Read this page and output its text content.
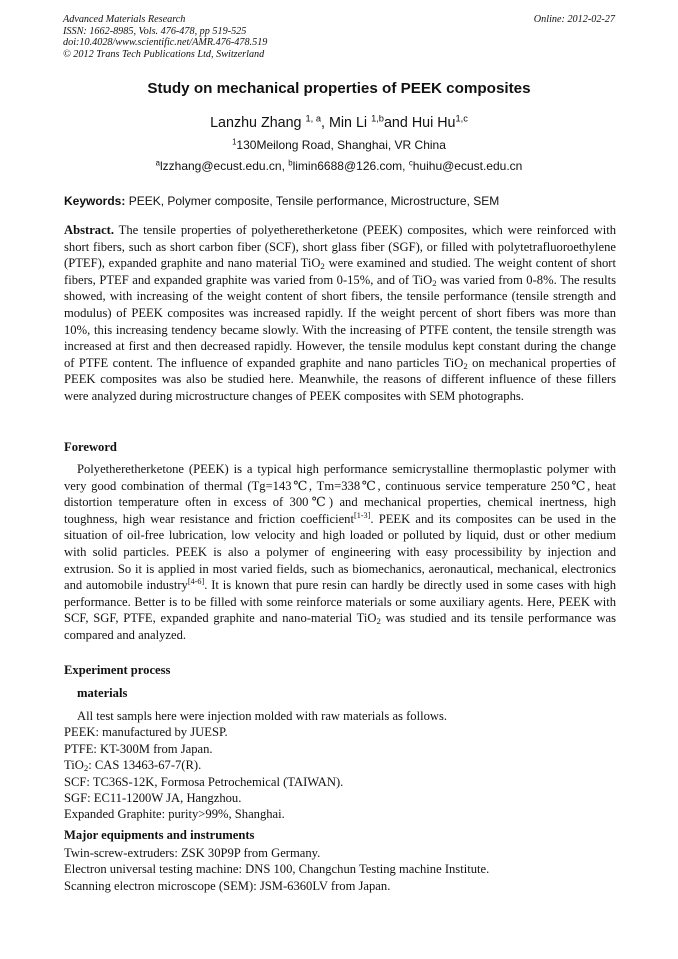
Advanced Materials Research
ISSN: 1662-8985, Vols. 476-478, pp 519-525
doi:10.4028/www.scientific.net/AMR.476-478.519
© 2012 Trans Tech Publications Ltd, Switzerland
Online: 2012-02-27
Study on mechanical properties of PEEK composites
Lanzhu Zhang $^{1, a}$, Min Li $^{1,b}$and Hui Hu$^{1,c}$
$^1$130Meilong Road, Shanghai, VR China
$^a$lzzhang@ecust.edu.cn, $^b$limin6688@126.com, $^c$huihu@ecust.edu.cn
Keywords: PEEK, Polymer composite, Tensile performance, Microstructure, SEM

Abstract. The tensile properties of polyetheretherketone (PEEK) composites, which were reinforced with short fibers, such as short carbon fiber (SCF), short glass fiber (SGF), or filled with polytetrafluoroethylene (PTEF), expanded graphite and nano material TiO$_2$ were examined and studied. The weight content of short fibers, PTEF and expanded graphite was varied from 0-15%, and of TiO$_2$ was varied from 0-8%. The results showed, with increasing of the weight content of short fibers, the tensile performance (tensile strength and modulus) of PEEK composites was increased rapidly. If the weight percent of short fibers was more than 10%, this increasing tendency became slowly. With the increasing of PTFE content, the tensile strength was increased at first and then decreased rapidly. However, the tensile modulus kept constant during the change of PTFE content. The influence of expanded graphite and nano particles TiO$_2$ on mechanical properties of PEEK composites was also be studied here. Meanwhile, the reasons of different influence of these fillers were analyzed during microstructure changes of PEEK composites with SEM photographs.

Foreword

Polyetheretherketone (PEEK) is a typical high performance semicrystalline thermoplastic polymer with very good combination of thermal (Tg=143℃, Tm=338℃, continuous service temperature 250℃, heat distortion temperature often in excess of 300℃) and mechanical properties, chemical inertness, high toughness, high wear resistance and friction coefficient[1-3]. PEEK and its composites can be used in the situation of oil-free lubrication, low velocity and high loaded or polluted by liquid, dust or other medium with solid particles. PEEK is also a polymer of engineering with easy processibility by injection and extrusion. So it is applied in most varied fields, such as biomechanics, aeronautical, mechanical, electronics and automobile industry[4-6]. It is known that pure resin can hardly be directly used in some cases with high performance. Better is to be filled with some reinforce materials or some auxiliary agents. Here, PEEK with SCF, SGF, PTFE, expanded graphite and nano-material TiO$_2$ was studied and its tensile performance was compared and analyzed.

Experiment process
materials
All test sampls here were injection molded with raw materials as follows.
PEEK: manufactured by JUESP.
PTFE: KT-300M from Japan.
TiO$_2$: CAS 13463-67-7(R).
SCF: TC36S-12K, Formosa Petrochemical (TAIWAN).
SGF: EC11-1200W JA, Hangzhou.
Expanded Graphite: purity>99%, Shanghai.
Major equipments and instruments
Twin-screw-extruders: ZSK 30P9P from Germany.
Electron universal testing machine: DNS 100, Changchun Testing machine Institute.
Scanning electron microscope (SEM): JSM-6360LV from Japan.
